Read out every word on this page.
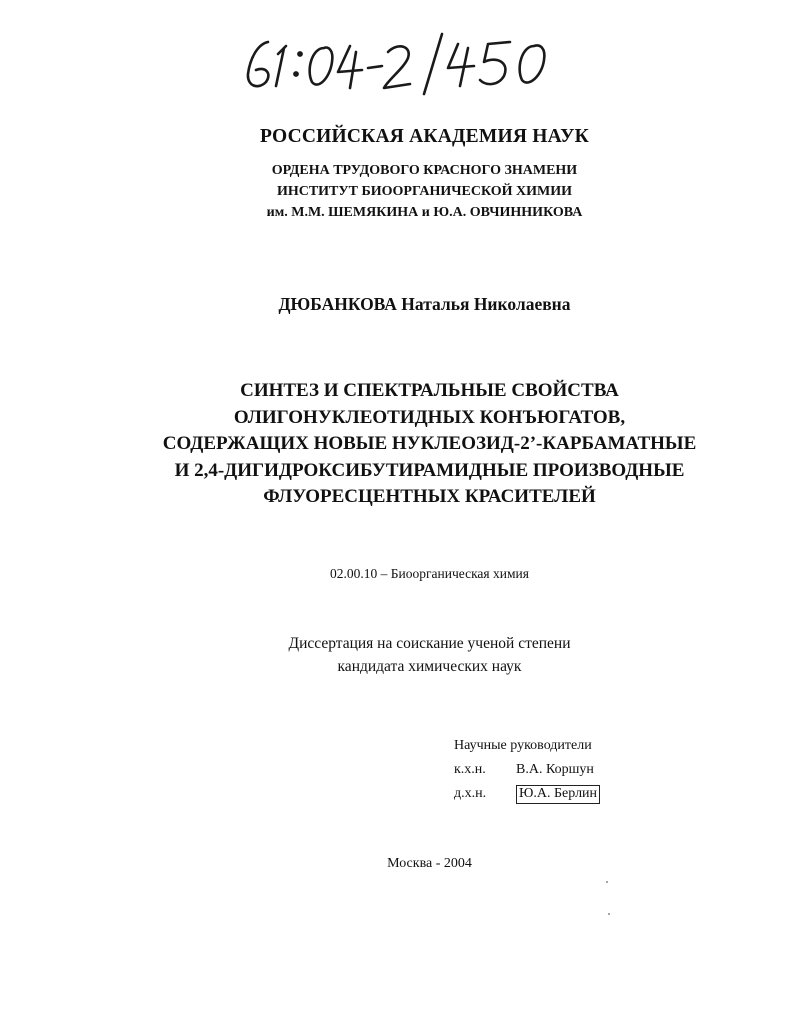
РОССИЙСКАЯ АКАДЕМИЯ НАУК
ОРДЕНА ТРУДОВОГО КРАСНОГО ЗНАМЕНИ
ИНСТИТУТ БИООРГАНИЧЕСКОЙ ХИМИИ
им. М.М. ШЕМЯКИНА и Ю.А. ОВЧИННИКОВА
ДЮБАНКОВА Наталья Николаевна
СИНТЕЗ И СПЕКТРАЛЬНЫЕ СВОЙСТВА
ОЛИГОНУКЛЕОТИДНЫХ КОНЪЮГАТОВ,
СОДЕРЖАЩИХ НОВЫЕ НУКЛЕОЗИД-2’-КАРБАМАТНЫЕ
И 2,4-ДИГИДРОКСИБУТИРАМИДНЫЕ ПРОИЗВОДНЫЕ
ФЛУОРЕСЦЕНТНЫХ КРАСИТЕЛЕЙ
02.00.10 – Биоорганическая химия
Диссертация на соискание ученой степени
кандидата химических наук
Научные руководители
к.х.н.	В.А. Коршун
д.х.н.	Ю.А. Берлин
Москва - 2004
